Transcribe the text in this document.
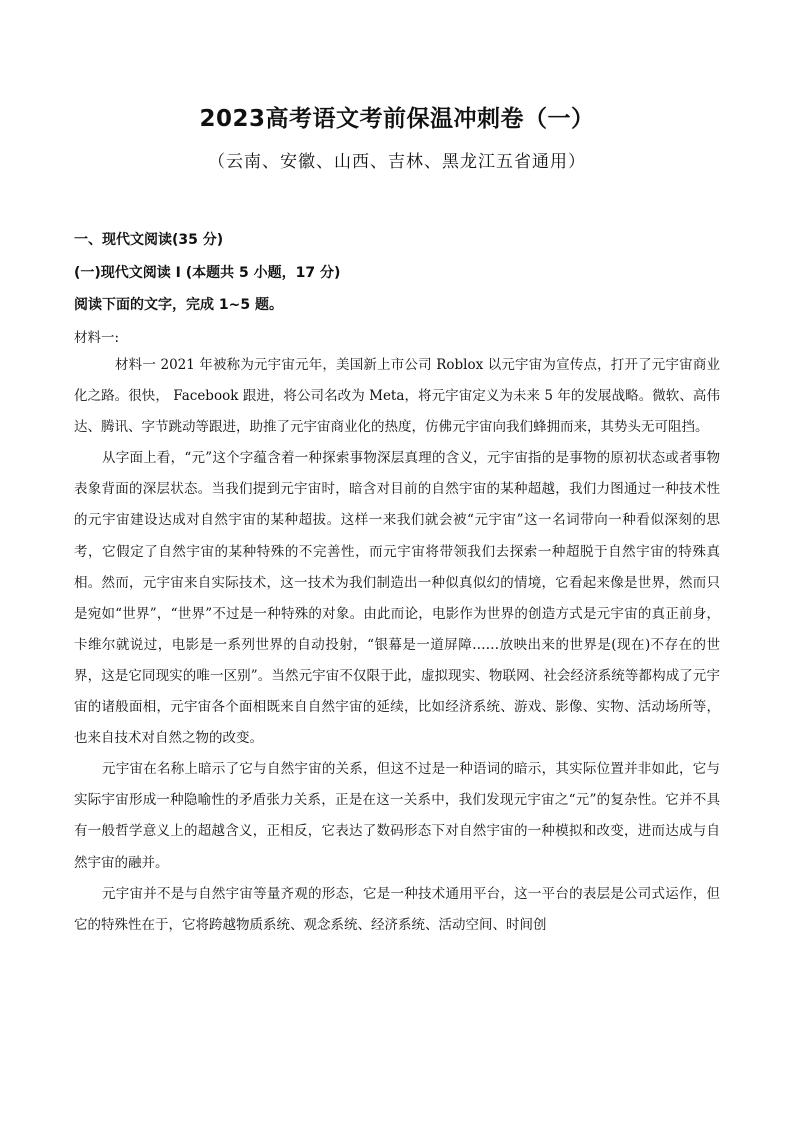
2023高考语文考前保温冲刺卷（一）
（云南、安徽、山西、吉林、黑龙江五省通用）
一、现代文阅读(35 分)
(一)现代文阅读 I (本题共 5 小题，17 分)
阅读下面的文字，完成 1~5 题。
材料一:

材料一 2021 年被称为元宇宙元年，美国新上市公司 Roblox 以元宇宙为宣传点，打开了元宇宙商业化之路。很快， Facebook 跟进，将公司名改为 Meta，将元宇宙定义为未来 5 年的发展战略。微软、高伟达、腾讯、字节跳动等跟进，助推了元宇宙商业化的热度，仿佛元宇宙向我们蜂拥而来，其势头无可阻挡。

从字面上看，“元”这个字蕴含着一种探索事物深层真理的含义，元宇宙指的是事物的原初状态或者事物表象背面的深层状态。当我们提到元宇宙时，暗含对目前的自然宇宙的某种超越，我们力图通过一种技术性的元宇宙建设达成对自然宇宙的某种超拔。这样一来我们就会被“元宇宙”这一名词带向一种看似深刻的思考，它假定了自然宇宙的某种特殊的不完善性，而元宇宙将带领我们去探索一种超脱于自然宇宙的特殊真相。然而，元宇宙来自实际技术，这一技术为我们制造出一种似真似幻的情境，它看起来像是世界，然而只是宛如“世界”，“世界”不过是一种特殊的对象。由此而论，电影作为世界的创造方式是元宇宙的真正前身，卡维尔就说过，电影是一系列世界的自动投射，“银幕是一道屏障……放映出来的世界是(现在)不存在的世界，这是它同现实的唯一区别”。当然元宇宙不仅限于此，虚拟现实、物联网、社会经济系统等都构成了元宇宙的诸般面相，元宇宙各个面相既来自自然宇宙的延续，比如经济系统、游戏、影像、实物、活动场所等，也来自技术对自然之物的改变。

元宇宙在名称上暗示了它与自然宇宙的关系，但这不过是一种语词的暗示，其实际位置并非如此，它与实际宇宙形成一种隐喻性的矛盾张力关系，正是在这一关系中，我们发现元宇宙之“元”的复杂性。它并不具有一般哲学意义上的超越含义，正相反，它表达了数码形态下对自然宇宙的一种模拟和改变，进而达成与自然宇宙的融并。

元宇宙并不是与自然宇宙等量齐观的形态，它是一种技术通用平台，这一平台的表层是公司式运作，但它的特殊性在于，它将跨越物质系统、观念系统、经济系统、活动空间、时间创
